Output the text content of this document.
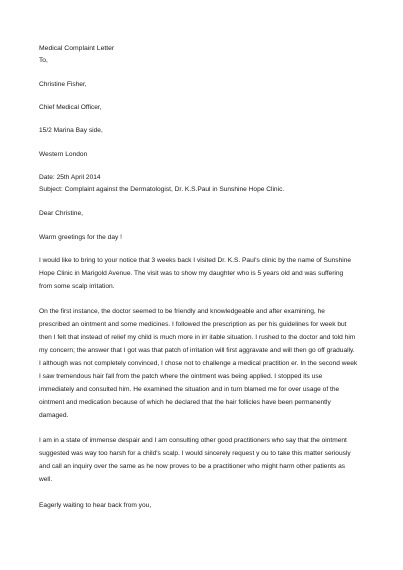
Medical Complaint Letter
To,
Christine Fisher,
Chief Medical Officer,
15/2 Marina Bay side,
Western London
Date: 25th April 2014
Subject: Complaint against the Dermatologist, Dr. K.S.Paul in Sunshine Hope Clinic.
Dear Christine,
Warm greetings for the day !
I would like to bring to your notice that 3 weeks back I visited Dr. K.S. Paul's clinic by the name of Sunshine
Hope Clinic in Marigold Avenue. The visit was to show my daughter who is 5 years old and was suffering
from some scalp irritation.
On the first instance, the doctor seemed to be friendly and knowledgeable and after examining, he
prescribed an ointment and some medicines. I followed the prescription as per his guidelines for week but
then I felt that instead of relief my child is much more in irr itable situation. I rushed to the doctor and told him
my concern; the answer that I got was that patch of irritation will first aggravate and will then go off gradually.
I although was not completely convinced, I chose not to challenge a medical practition er. In the second week
I saw tremendous hair fall from the patch where the ointment was being applied. I stopped its use
immediately and consulted him. He examined the situation and in turn blamed me for over usage of the
ointment and medication because of which he declared that the hair follicles have been permanently
damaged.
I am in a state of immense despair and I am consulting other good practitioners who say that the ointment
suggested was way too harsh for a child's scalp. I would sincerely request y ou to take this matter seriously
and call an inquiry over the same as he now proves to be a practitioner who might harm other patients as
well.
Eagerly waiting to hear back from you,
